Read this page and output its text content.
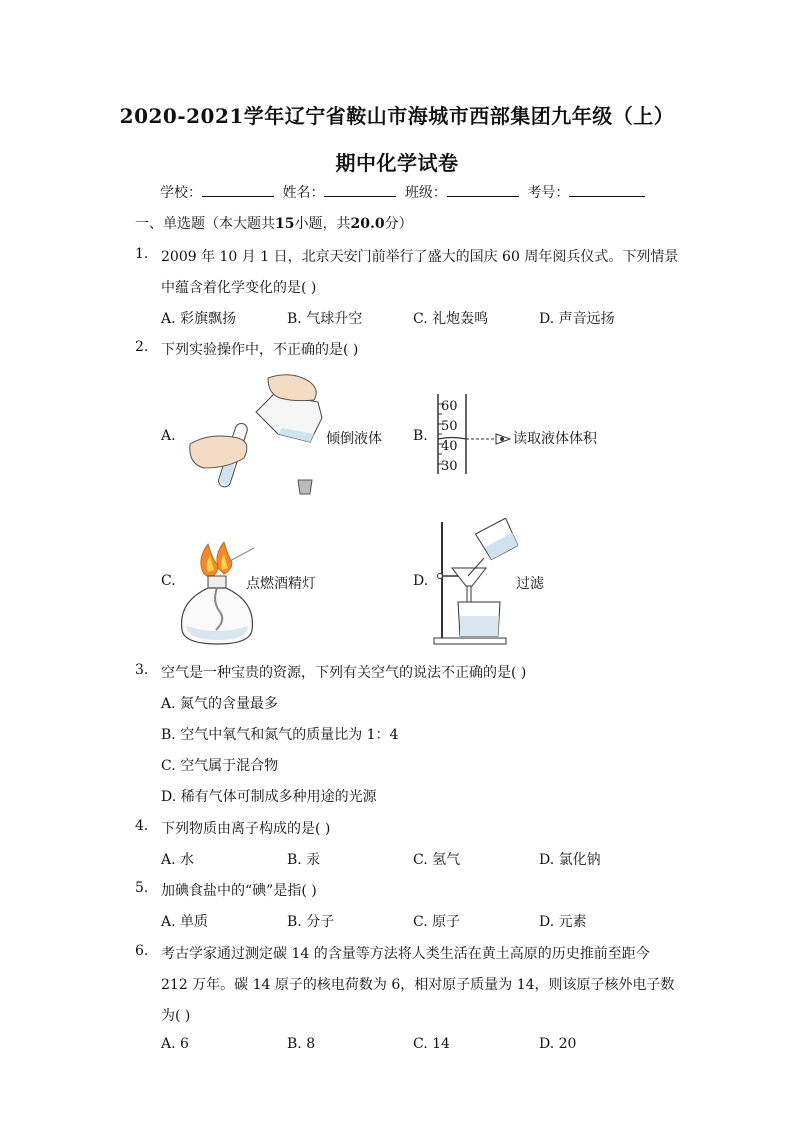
2020-2021学年辽宁省鞍山市海城市西部集团九年级（上）
期中化学试卷
学校：	姓名：	班级：	考号：
一、单选题（本大题共15小题，共20.0分）
1. 2009 年 10 月 1 日，北京天安门前举行了盛大的国庆 60 周年阅兵仪式。下列情景
中蕴含着化学变化的是( )
A. 彩旗飘扬	B. 气球升空	C. 礼炮轰鸣	D. 声音远扬
2. 下列实验操作中，不正确的是( )
A.	倾倒液体 B.
60
50
40
30
读取液体体积
C.	点燃酒精灯	D.	过滤
3. 空气是一种宝贵的资源，下列有关空气的说法不正确的是( )
A. 氮气的含量最多
B. 空气中氧气和氮气的质量比为 1：4
C. 空气属于混合物
D. 稀有气体可制成多种用途的光源
4. 下列物质由离子构成的是( )
A. 水	B. 汞	C. 氢气	D. 氯化钠
5. 加碘食盐中的“碘”是指( )
A. 单质	B. 分子	C. 原子	D. 元素
6. 考古学家通过测定碳 14 的含量等方法将人类生活在黄土高原的历史推前至距今
212 万年。碳 14 原子的核电荷数为 6，相对原子质量为 14，则该原子核外电子数
为( )
A. 6	B. 8	C. 14	D. 20
